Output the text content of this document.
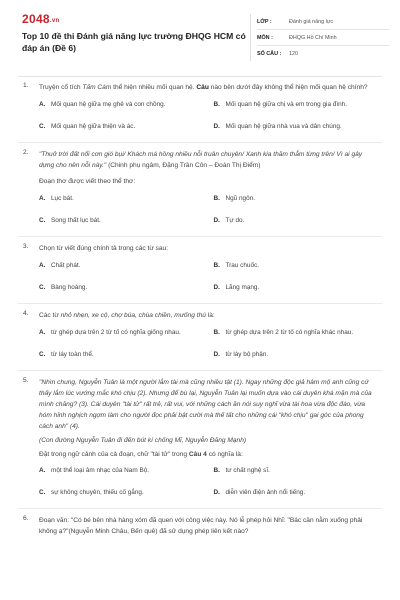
2048.vn
Top 10 đề thi Đánh giá năng lực trường ĐHQG HCM có đáp án (Đề 6)
LỚP :	Đánh giá năng lực
MÔN :	ĐHQG Hồ Chí Minh
SỐ CÂU :	120
1. Truyện cổ tích Tấm Cám thể hiện nhiều mối quan hệ. Câu nào bên dưới đây không thể hiện mối quan hệ chính?
A. Mối quan hệ giữa mẹ ghẻ và con chồng.	B. Mối quan hệ giữa chị và em trong gia đình.
C. Mối quan hệ giữa thiện và ác.	D. Mối quan hệ giữa nhà vua và dân chúng.
2. "Thuở trời đất nổi cơn gió bụi/ Khách má hồng nhiều nỗi truân chuyên/ Xanh kia thăm thẳm từng trên/ Vì ai gây dựng cho nên nỗi này." (Chinh phụ ngâm, Đặng Trần Côn – Đoàn Thị Điểm)
Đoạn thơ được viết theo thể thơ:
A. Lục bát.	B. Ngũ ngôn.
C. Song thất lục bát.	D. Tự do.
3. Chọn từ viết đúng chính tả trong các từ sau:
A. Chất phát.	B. Trau chuốc.
C. Bàng hoàng.	D. Lãng mạng.
4. Các từ nhỏ nhẹn, xe cộ, chợ búa, chùa chiền, mưống thú là:
A. từ ghép dựa trên 2 từ tố có nghĩa giống nhau.	B. từ ghép dựa trên 2 từ tố có nghĩa khác nhau.
C. từ láy toàn thể.	D. từ láy bộ phận.
5. "Nhìn chung, Nguyễn Tuân là một người lắm tài mà cũng nhiều tật (1). Ngay những độc giả hâm mộ anh cũng cứ thấy lắm lúc vướng mắc khó chịu (2). Nhưng để bù lại, Nguyễn Tuân lại muốn dựa vào cái duyên khá mặn mà của mình chăng? (3). Cái duyên "tài tử" rất trẻ, rất vui, với những cách ăn nói suy nghĩ vừa tài hoa vừa độc đáo, vừa hóm hỉnh nghịch ngợm làm cho người đọc phải bật cười mà thế tất cho những cái "khó chịu" gai góc của phong cách anh" (4).
(Con đường Nguyễn Tuân đi đến bút kí chống Mĩ, Nguyễn Đăng Mạnh)
Đặt trong ngữ cảnh của cả đoạn, chữ "tài tử" trong Câu 4 có nghĩa là:
A. một thể loại âm nhạc của Nam Bộ.	B. tư chất nghệ sĩ.
C. sự không chuyên, thiếu cố gắng.	D. diễn viên điện ảnh nổi tiếng.
6. Đoạn văn: "Có bé bên nhà hàng xóm đã quen với công việc này. Nó lễ phép hỏi Nhĩ: "Bác cần nằm xuống phải không ạ?"(Nguyễn Minh Châu, Bến quê) đã sử dụng phép liên kết nào?
